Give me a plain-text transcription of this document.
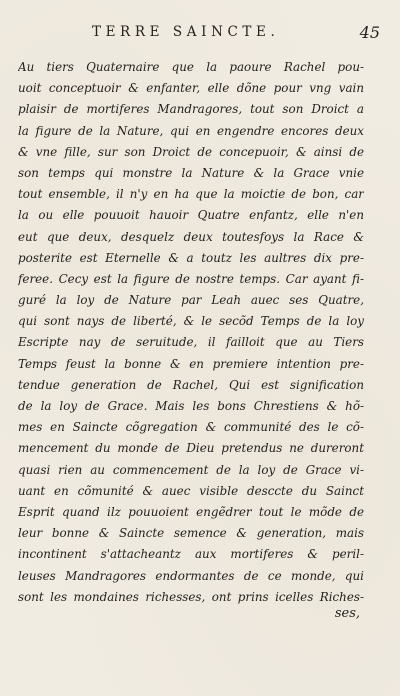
TERRE SAINCTE.	45
Au tiers Quaternaire que la paoure Rachel pou-
uoit conceptuoir & enfanter, elle dõne pour vng vain
plaisir de mortiferes Mandragores, tout son Droict a
la figure de la Nature, qui en engendre encores deux
& vne fille, sur son Droict de concepuoir, & ainsi de
son temps qui monstre la Nature & la Grace vnie
tout ensemble, il n'y en ha que la moictie de bon, car
la ou elle pouuoit hauoir Quatre enfantz, elle n'en
eut que deux, desquelz deux toutesfoys la Race &
posterite est Eternelle & a toutz les aultres dix pre-
feree. Cecy est la figure de nostre temps. Car ayant fi-
guré la loy de Nature par Leah auec ses Quatre,
qui sont nays de liberté, & le secõd Temps de la loy
Escripte nay de seruitude, il failloit que au Tiers
Temps feust la bonne & en premiere intention pre-
tendue generation de Rachel, Qui est signification
de la loy de Grace. Mais les bons Chrestiens & hõ-
mes en Saincte cõgregation & communité des le cõ-
mencement du monde de Dieu pretendus ne dureront
quasi rien au commencement de la loy de Grace vi-
uant en cõmunité & auec visible desccte du Sainct
Esprit quand ilz pouuoient engẽdrer tout le mõde de
leur bonne & Saincte semence & generation, mais
incontinent s'attacheantz aux mortiferes & peril-
leuses Mandragores endormantes de ce monde, qui
sont les mondaines richesses, ont prins icelles Riches-
ses,
